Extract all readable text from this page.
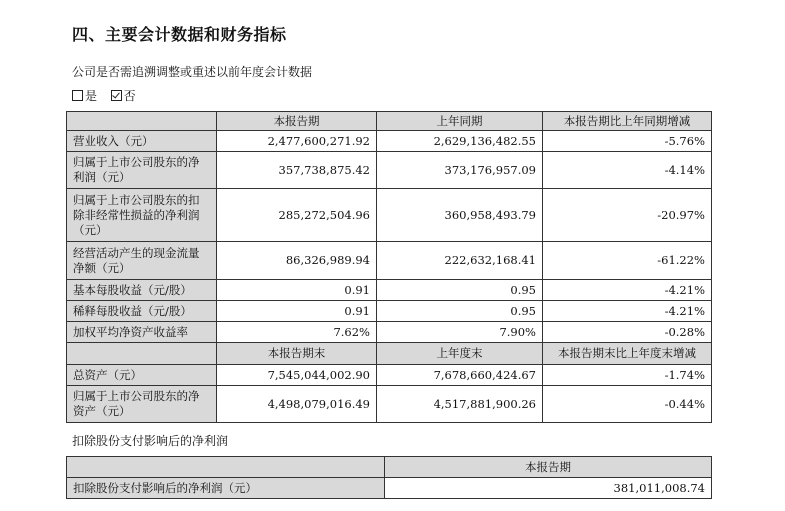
四、主要会计数据和财务指标
公司是否需追溯调整或重述以前年度会计数据
是 否
	本报告期	上年同期	本报告期比上年同期增减
营业收入（元）	2,477,600,271.92	2,629,136,482.55	-5.76%
归属于上市公司股东的净利润（元）	357,738,875.42	373,176,957.09	-4.14%
归属于上市公司股东的扣除非经常性损益的净利润（元）	285,272,504.96	360,958,493.79	-20.97%
经营活动产生的现金流量净额（元）	86,326,989.94	222,632,168.41	-61.22%
基本每股收益（元/股）	0.91	0.95	-4.21%
稀释每股收益（元/股）	0.91	0.95	-4.21%
加权平均净资产收益率	7.62%	7.90%	-0.28%
	本报告期末	上年度末	本报告期末比上年度末增减
总资产（元）	7,545,044,002.90	7,678,660,424.67	-1.74%
归属于上市公司股东的净资产（元）	4,498,079,016.49	4,517,881,900.26	-0.44%
扣除股份支付影响后的净利润
	本报告期
扣除股份支付影响后的净利润（元）	381,011,008.74
